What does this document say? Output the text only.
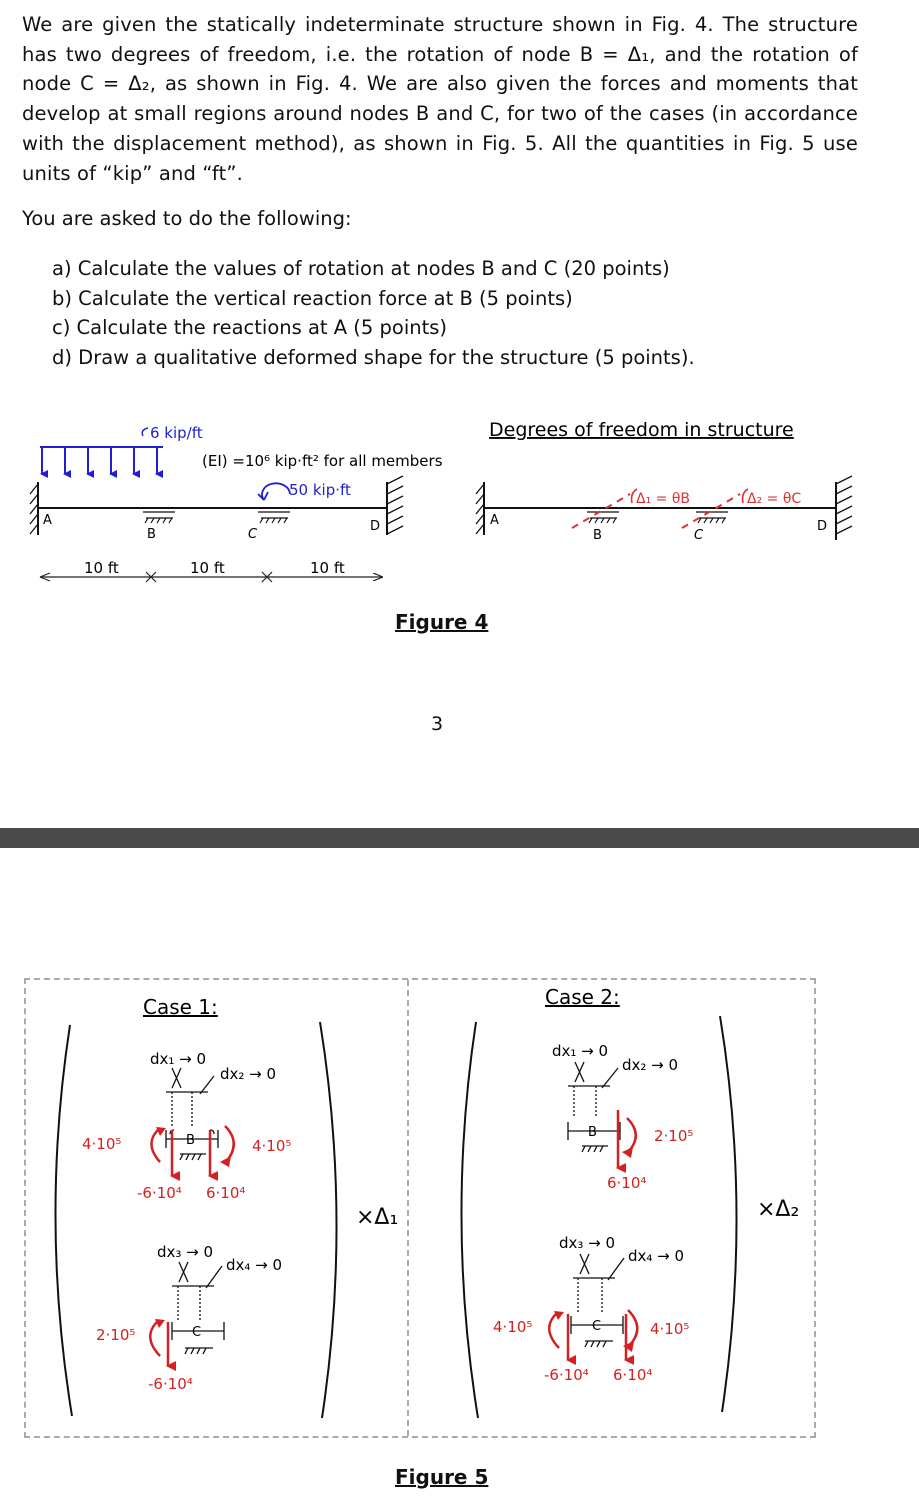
We are given the statically indeterminate structure shown in Fig. 4. The structure has two degrees of freedom, i.e. the rotation of node B = Δ₁, and the rotation of node C = Δ₂, as shown in Fig. 4. We are also given the forces and moments that develop at small regions around nodes B and C, for two of the cases (in accordance with the displacement method), as shown in Fig. 5. All the quantities in Fig. 5 use units of “kip” and “ft”.

You are asked to do the following:
a) Calculate the values of rotation at nodes B and C (20 points)
b) Calculate the vertical reaction force at B (5 points)
c) Calculate the reactions at A (5 points)
d) Draw a qualitative deformed shape for the structure (5 points).
A
B	C
D
6 kip/ft
(EI) =10⁶ kip·ft² for all members
50 kip·ft
10 ft	10 ft	10 ft
Degrees of freedom in structure
A
B	C
D
Δ₁ = θB	Δ₂ = θC
Figure 4
3
Case 1:
dx₁ → 0
dx₂ → 0
B
4·10⁵	4·10⁵
-6·10⁴ 6·10⁴
dx₃ → 0
dx₄ → 0
C
2·10⁵
-6·10⁴
×Δ₁
Case 2:
dx₁ → 0
dx₂ → 0
B	2·10⁵
6·10⁴
dx₃ → 0
dx₄ → 0
C
4·10⁵	4·10⁵
-6·10⁴ 6·10⁴
×Δ₂
Figure 5
